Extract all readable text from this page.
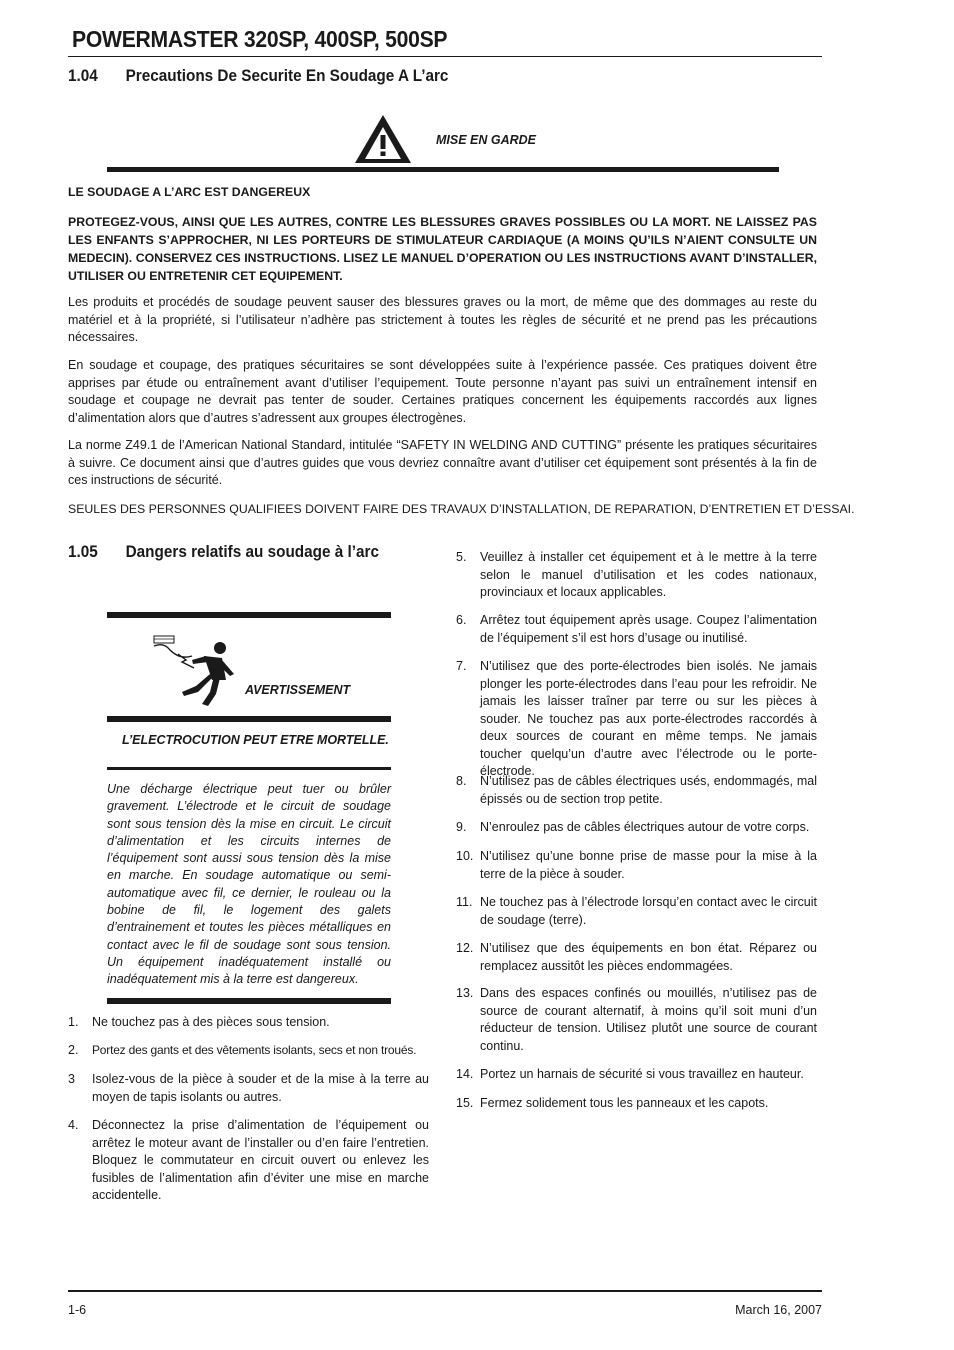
POWERMASTER 320SP, 400SP, 500SP
1.04 Precautions De Securite En Soudage A L’arc
MISE EN GARDE
LE SOUDAGE A L’ARC EST DANGEREUX
PROTEGEZ-VOUS, AINSI QUE LES AUTRES, CONTRE LES BLESSURES GRAVES POSSIBLES OU LA MORT. NE LAISSEZ PAS LES ENFANTS S’APPROCHER, NI LES PORTEURS DE STIMULATEUR CARDIAQUE (A MOINS QU’ILS N’AIENT CONSULTE UN MEDECIN). CONSERVEZ CES INSTRUCTIONS. LISEZ LE MANUEL D’OPERATION OU LES INSTRUCTIONS AVANT D’INSTALLER, UTILISER OU ENTRETENIR CET EQUIPEMENT.
Les produits et procédés de soudage peuvent sauser des blessures graves ou la mort, de même que des dommages au reste du matériel et à la propriété, si l’utilisateur n’adhère pas strictement à toutes les règles de sécurité et ne prend pas les précautions nécessaires.
En soudage et coupage, des pratiques sécuritaires se sont développées suite à l’expérience passée. Ces pratiques doivent être apprises par étude ou entraînement avant d’utiliser l’equipement. Toute personne n’ayant pas suivi un entraînement intensif en soudage et coupage ne devrait pas tenter de souder. Certaines pratiques concernent les équipements raccordés aux lignes d’alimentation alors que d’autres s’adressent aux groupes électrogènes.
La norme Z49.1 de l’American National Standard, intitulée “SAFETY IN WELDING AND CUTTING” présente les pratiques sécuritaires à suivre. Ce document ainsi que d’autres guides que vous devriez connaître avant d’utiliser cet équipement sont présentés à la fin de ces instructions de sécurité.
SEULES DES PERSONNES QUALIFIEES DOIVENT FAIRE DES TRAVAUX D’INSTALLATION, DE REPARATION, D’ENTRETIEN ET D’ESSAI.
1.05 Dangers relatifs au soudage à l’arc
AVERTISSEMENT
L’ELECTROCUTION PEUT ETRE MORTELLE.
Une décharge électrique peut tuer ou brûler gravement. L’électrode et le circuit de soudage sont sous tension dès la mise en circuit. Le circuit d’alimentation et les circuits internes de l’équipement sont aussi sous tension dès la mise en marche. En soudage automatique ou semi-automatique avec fil, ce dernier, le rouleau ou la bobine de fil, le logement des galets d’entrainement et toutes les pièces métalliques en contact avec le fil de soudage sont sous tension. Un équipement inadéquatement installé ou inadéquatement mis à la terre est dangereux.
1. Ne touchez pas à des pièces sous tension.
2. Portez des gants et des vêtements isolants, secs et non troués.
3 Isolez-vous de la pièce à souder et de la mise à la terre au moyen de tapis isolants ou autres.
4. Déconnectez la prise d’alimentation de l’équipement ou arrêtez le moteur avant de l’installer ou d’en faire l’entretien. Bloquez le commutateur en circuit ouvert ou enlevez les fusibles de l’alimentation afin d’éviter une mise en marche accidentelle.
5. Veuillez à installer cet équipement et à le mettre à la terre selon le manuel d’utilisation et les codes nationaux, provinciaux et locaux applicables.
6. Arrêtez tout équipement après usage. Coupez l’alimentation de l’équipement s’il est hors d’usage ou inutilisé.
7. N’utilisez que des porte-électrodes bien isolés. Ne jamais plonger les porte-électrodes dans l’eau pour les refroidir. Ne jamais les laisser traîner par terre ou sur les pièces à souder. Ne touchez pas aux porte-électrodes raccordés à deux sources de courant en même temps. Ne jamais toucher quelqu’un d’autre avec l’électrode ou le porte-électrode.
8. N’utilisez pas de câbles électriques usés, endommagés, mal épissés ou de section trop petite.
9. N’enroulez pas de câbles électriques autour de votre corps.
10. N’utilisez qu’une bonne prise de masse pour la mise à la terre de la pièce à souder.
11. Ne touchez pas à l’électrode lorsqu’en contact avec le circuit de soudage (terre).
12. N’utilisez que des équipements en bon état. Réparez ou remplacez aussitôt les pièces endommagées.
13. Dans des espaces confinés ou mouillés, n’utilisez pas de source de courant alternatif, à moins qu’il soit muni d’un réducteur de tension. Utilisez plutôt une source de courant continu.
14. Portez un harnais de sécurité si vous travaillez en hauteur.
15. Fermez solidement tous les panneaux et les capots.
1-6	March 16, 2007
